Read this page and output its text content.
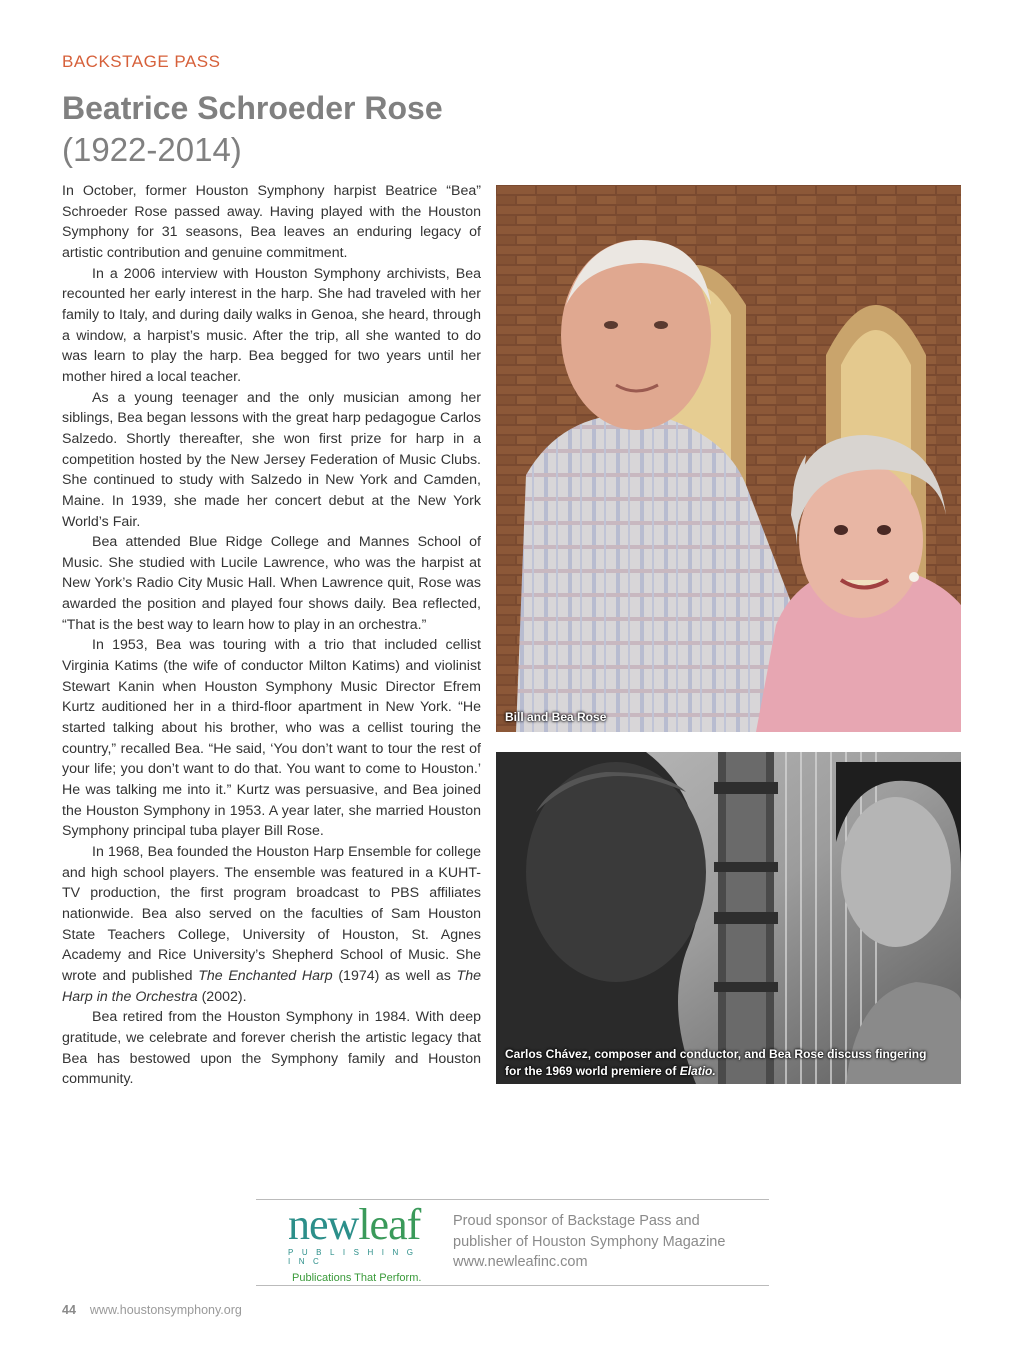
BACKSTAGE PASS
Beatrice Schroeder Rose
(1922-2014)

In October, former Houston Symphony harpist Beatrice “Bea” Schroeder Rose passed away. Having played with the Houston Symphony for 31 seasons, Bea leaves an enduring legacy of artistic contribution and genuine commitment.

In a 2006 interview with Houston Symphony archivists, Bea recounted her early interest in the harp. She had traveled with her family to Italy, and during daily walks in Genoa, she heard, through a window, a harpist’s music. After the trip, all she wanted to do was learn to play the harp. Bea begged for two years until her mother hired a local teacher.

As a young teenager and the only musician among her siblings, Bea began lessons with the great harp pedagogue Carlos Salzedo. Shortly thereafter, she won first prize for harp in a competition hosted by the New Jersey Federation of Music Clubs. She continued to study with Salzedo in New York and Camden, Maine. In 1939, she made her concert debut at the New York World’s Fair.

Bea attended Blue Ridge College and Mannes School of Music. She studied with Lucile Lawrence, who was the harpist at New York’s Radio City Music Hall. When Lawrence quit, Rose was awarded the position and played four shows daily. Bea reflected, “That is the best way to learn how to play in an orchestra.”

In 1953, Bea was touring with a trio that included cellist Virginia Katims (the wife of conductor Milton Katims) and violinist Stewart Kanin when Houston Symphony Music Director Efrem Kurtz auditioned her in a third-floor apartment in New York. “He started talking about his brother, who was a cellist touring the country,” recalled Bea. “He said, ‘You don’t want to tour the rest of your life; you don’t want to do that. You want to come to Houston.’ He was talking me into it.” Kurtz was persuasive, and Bea joined the Houston Symphony in 1953. A year later, she married Houston Symphony principal tuba player Bill Rose.

In 1968, Bea founded the Houston Harp Ensemble for college and high school players. The ensemble was featured in a KUHT-TV production, the first program broadcast to PBS affiliates nationwide. Bea also served on the faculties of Sam Houston State Teachers College, University of Houston, St. Agnes Academy and Rice University’s Shepherd School of Music. She wrote and published The Enchanted Harp (1974) as well as The Harp in the Orchestra (2002).

Bea retired from the Houston Symphony in 1984. With deep gratitude, we celebrate and forever cherish the artistic legacy that Bea has bestowed upon the Symphony family and Houston community.

Bill and Bea Rose
Carlos Chávez, composer and conductor, and Bea Rose discuss fingering for the 1969 world premiere of Elatio.
newleaf
PUBLISHING INC
Publications That Perform.
Proud sponsor of Backstage Pass and
publisher of Houston Symphony Magazine
www.newleafinc.com
44 www.houstonsymphony.org
